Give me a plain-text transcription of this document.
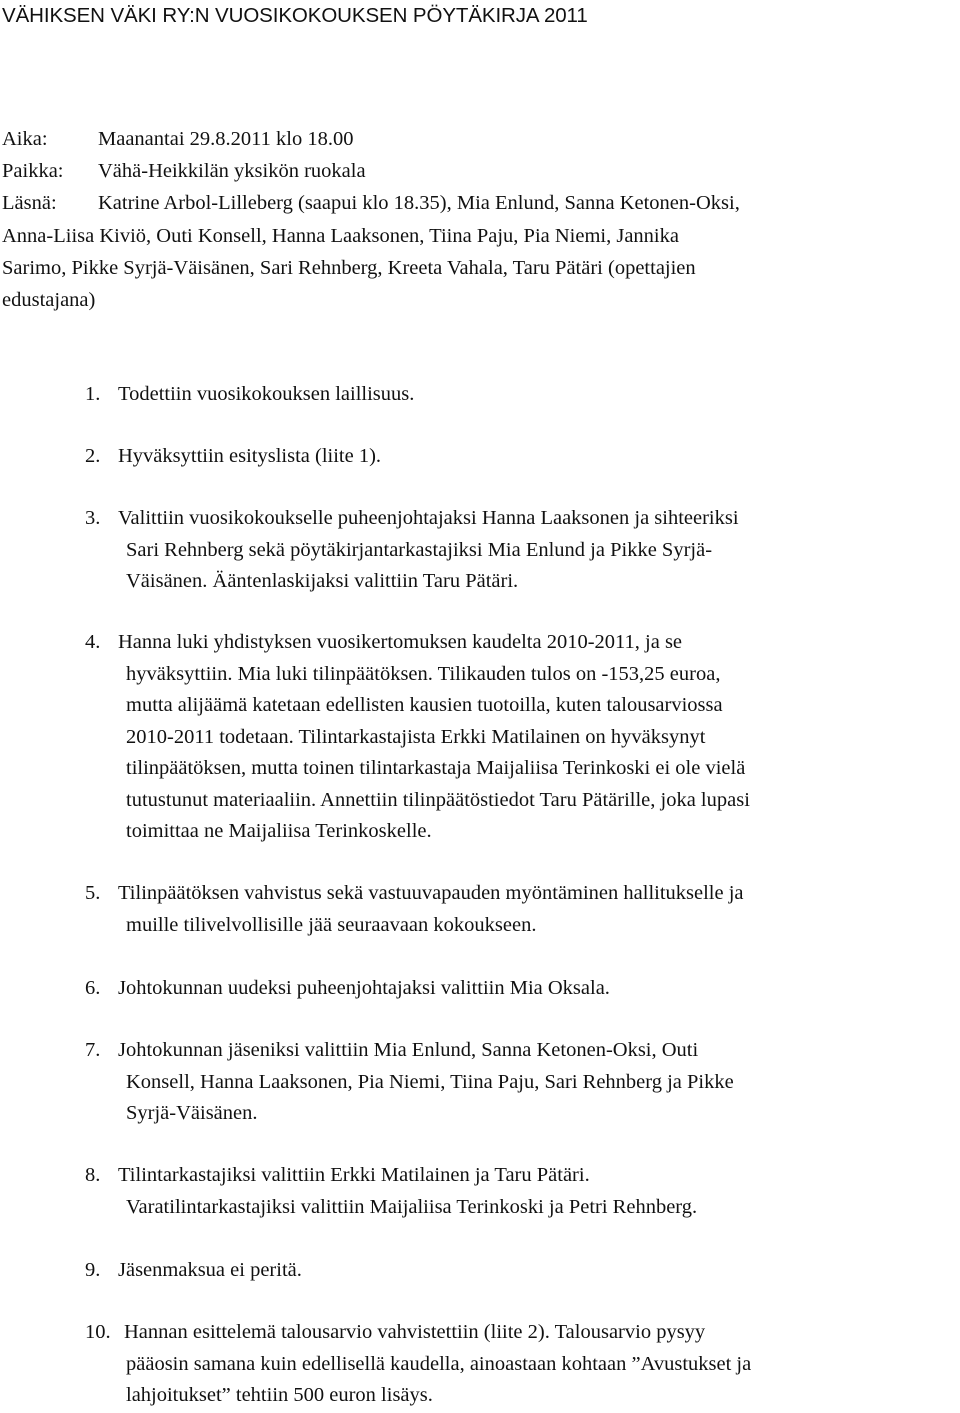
VÄHIKSEN VÄKI RY:N VUOSIKOKOUKSEN PÖYTÄKIRJA 2011
Aika: Maanantai 29.8.2011 klo 18.00
Paikka: Vähä-Heikkilän yksikön ruokala
Läsnä: Katrine Arbol-Lilleberg (saapui klo 18.35), Mia Enlund, Sanna Ketonen-Oksi,
Anna-Liisa Kiviö, Outi Konsell, Hanna Laaksonen, Tiina Paju, Pia Niemi, Jannika
Sarimo, Pikke Syrjä-Väisänen, Sari Rehnberg, Kreeta Vahala, Taru Pätäri (opettajien
edustajana)
1. Todettiin vuosikokouksen laillisuus.
2. Hyväksyttiin esityslista (liite 1).
3. Valittiin vuosikokoukselle puheenjohtajaksi Hanna Laaksonen ja sihteeriksi
Sari Rehnberg sekä pöytäkirjantarkastajiksi Mia Enlund ja Pikke Syrjä-
Väisänen. Ääntenlaskijaksi valittiin Taru Pätäri.
4. Hanna luki yhdistyksen vuosikertomuksen kaudelta 2010-2011, ja se
hyväksyttiin. Mia luki tilinpäätöksen. Tilikauden tulos on -153,25 euroa,
mutta alijäämä katetaan edellisten kausien tuotoilla, kuten talousarviossa
2010-2011 todetaan. Tilintarkastajista Erkki Matilainen on hyväksynyt
tilinpäätöksen, mutta toinen tilintarkastaja Maijaliisa Terinkoski ei ole vielä
tutustunut materiaaliin. Annettiin tilinpäätöstiedot Taru Pätärille, joka lupasi
toimittaa ne Maijaliisa Terinkoskelle.
5. Tilinpäätöksen vahvistus sekä vastuuvapauden myöntäminen hallitukselle ja
muille tilivelvollisille jää seuraavaan kokoukseen.
6. Johtokunnan uudeksi puheenjohtajaksi valittiin Mia Oksala.
7. Johtokunnan jäseniksi valittiin Mia Enlund, Sanna Ketonen-Oksi, Outi
Konsell, Hanna Laaksonen, Pia Niemi, Tiina Paju, Sari Rehnberg ja Pikke
Syrjä-Väisänen.
8. Tilintarkastajiksi valittiin Erkki Matilainen ja Taru Pätäri.
Varatilintarkastajiksi valittiin Maijaliisa Terinkoski ja Petri Rehnberg.
9. Jäsenmaksua ei peritä.
10. Hannan esittelemä talousarvio vahvistettiin (liite 2). Talousarvio pysyy
pääosin samana kuin edellisellä kaudella, ainoastaan kohtaan ”Avustukset ja
lahjoitukset” tehtiin 500 euron lisäys.
